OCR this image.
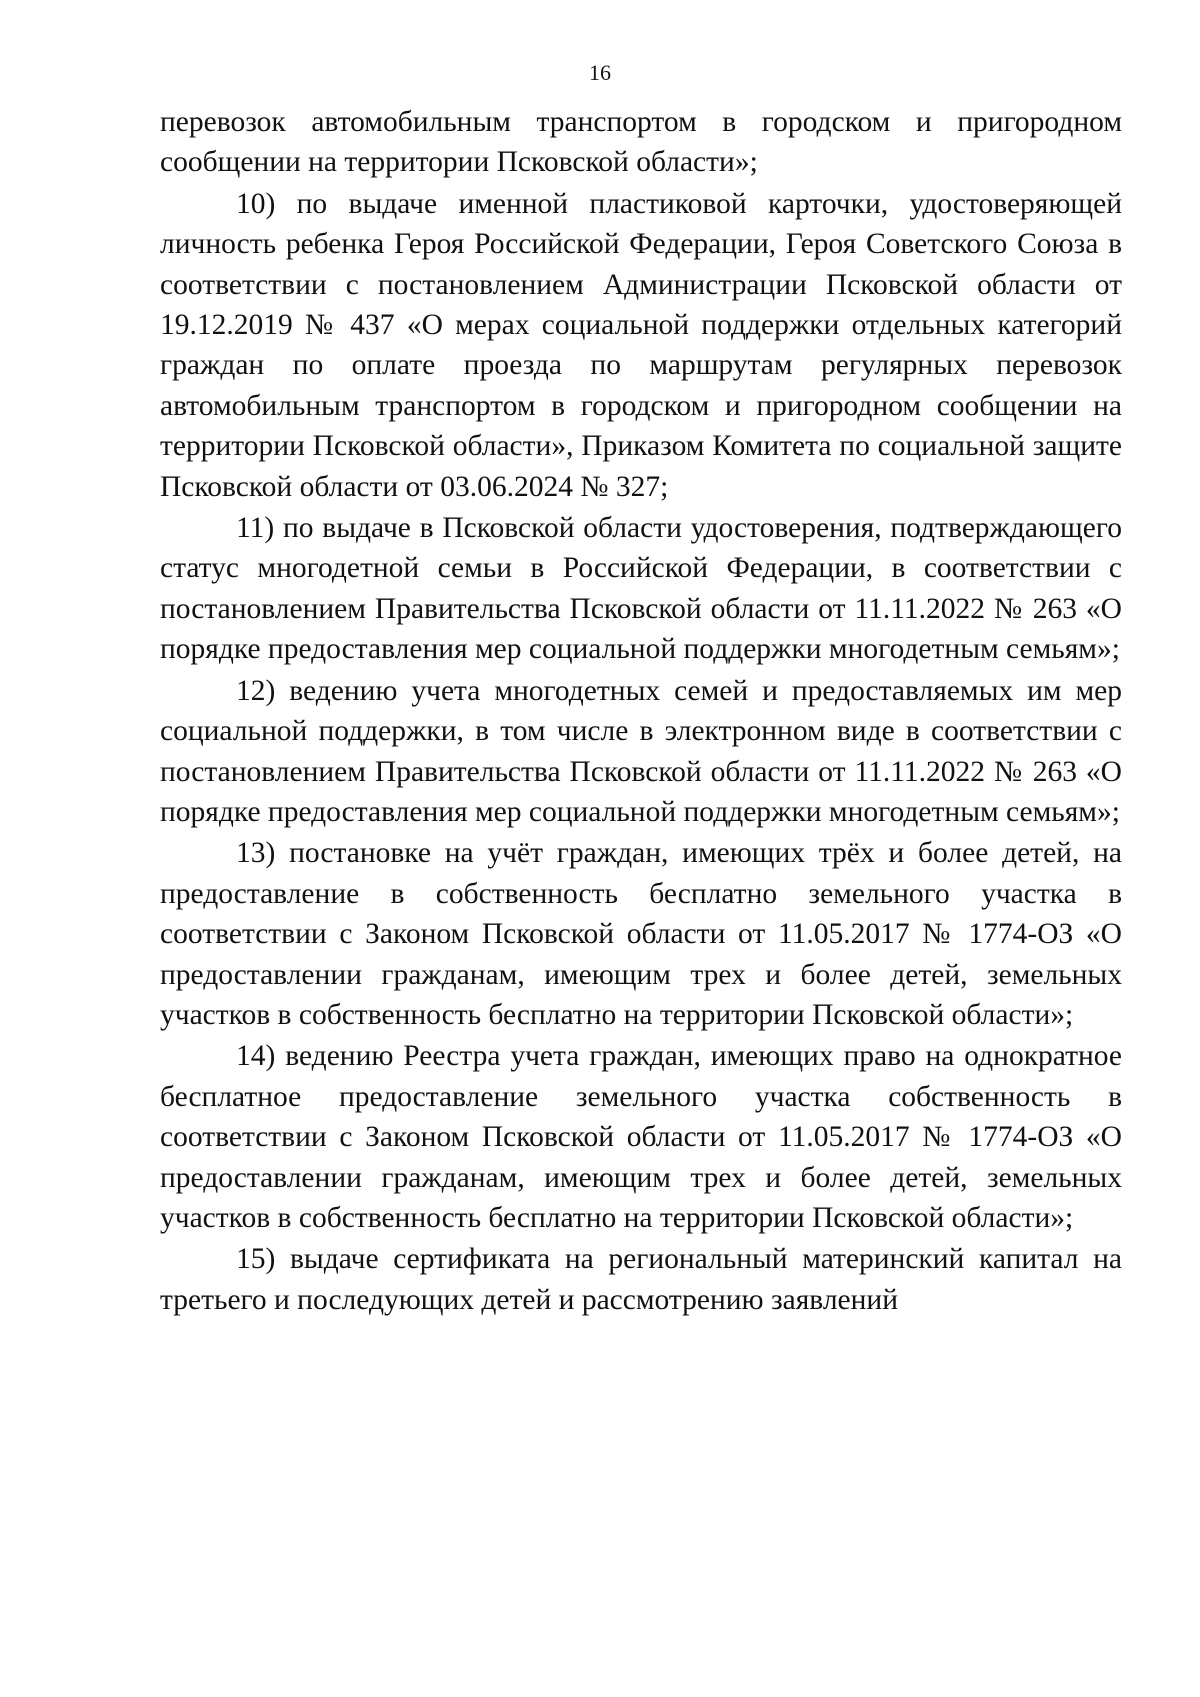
16

перевозок автомобильным транспортом в городском и пригородном сообщении на территории Псковской области»;

10) по выдаче именной пластиковой карточки, удостоверяющей личность ребенка Героя Российской Федерации, Героя Советского Союза в соответствии с постановлением Администрации Псковской области от 19.12.2019 № 437 «О мерах социальной поддержки отдельных категорий граждан по оплате проезда по маршрутам регулярных перевозок автомобильным транспортом в городском и пригородном сообщении на территории Псковской области», Приказом Комитета по социальной защите Псковской области от 03.06.2024 № 327;

11) по выдаче в Псковской области удостоверения, подтверждающего статус многодетной семьи в Российской Федерации, в соответствии с постановлением Правительства Псковской области от 11.11.2022 № 263 «О порядке предоставления мер социальной поддержки многодетным семьям»;

12) ведению учета многодетных семей и предоставляемых им мер социальной поддержки, в том числе в электронном виде в соответствии с постановлением Правительства Псковской области от 11.11.2022 № 263 «О порядке предоставления мер социальной поддержки многодетным семьям»;

13) постановке на учёт граждан, имеющих трёх и более детей, на предоставление в собственность бесплатно земельного участка в соответствии с Законом Псковской области от 11.05.2017 № 1774-ОЗ «О предоставлении гражданам, имеющим трех и более детей, земельных участков в собственность бесплатно на территории Псковской области»;

14) ведению Реестра учета граждан, имеющих право на однократное бесплатное предоставление земельного участка собственность в соответствии с Законом Псковской области от 11.05.2017 № 1774-ОЗ «О предоставлении гражданам, имеющим трех и более детей, земельных участков в собственность бесплатно на территории Псковской области»;

15) выдаче сертификата на региональный материнский капитал на третьего и последующих детей и рассмотрению заявлений
